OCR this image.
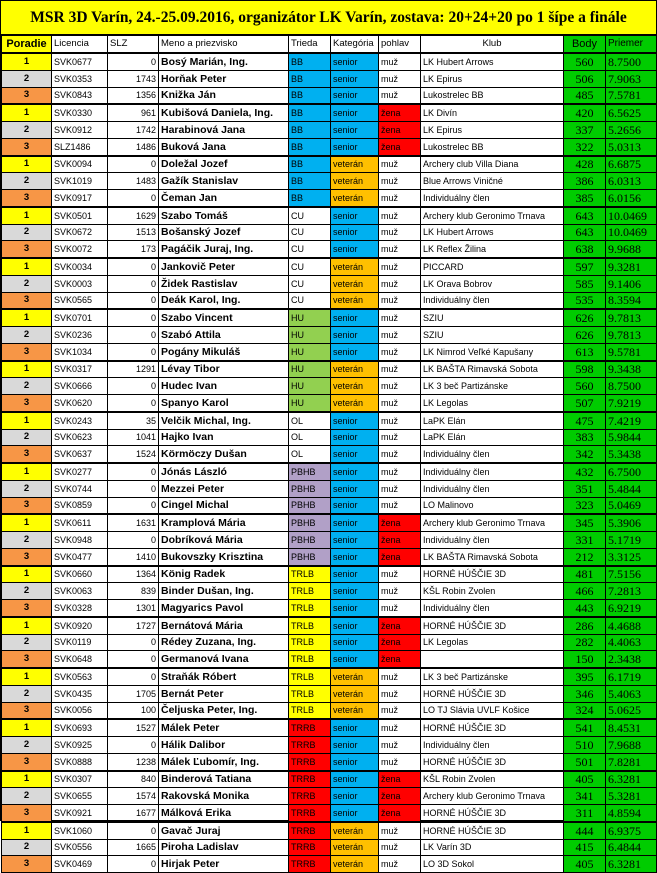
MSR 3D Varín, 24.-25.09.2016, organizátor LK Varín, zostava: 20+24+20 po 1 šípe a finále
Poradie	Licencia	SLZ	Meno a priezvisko	Trieda	Kategória	pohlav	Klub	Body	Priemer
1	SVK0677	0	Bosý Marián, Ing.	BB	senior	muž	LK Hubert Arrows	560	8.7500
2	SVK0353	1743	Horňak Peter	BB	senior	muž	LK Epirus	506	7.9063
3	SVK0843	1356	Knižka Ján	BB	senior	muž	Lukostrelec BB	485	7.5781
1	SVK0330	961	Kubišová Daniela, Ing.	BB	senior	žena	LK Divín	420	6.5625
2	SVK0912	1742	Harabinová Jana	BB	senior	žena	LK Epirus	337	5.2656
3	SLZ1486	1486	Buková Jana	BB	senior	žena	Lukostrelec BB	322	5.0313
1	SVK0094	0	Doležal Jozef	BB	veterán	muž	Archery club Villa Diana	428	6.6875
2	SVK1019	1483	Gažík Stanislav	BB	veterán	muž	Blue Arrows Viničné	386	6.0313
3	SVK0917	0	Čeman Jan	BB	veterán	muž	Individuálny člen	385	6.0156
1	SVK0501	1629	Szabo Tomáš	CU	senior	muž	Archery klub Geronimo Trnava	643	10.0469
2	SVK0672	1513	Bošanský Jozef	CU	senior	muž	LK Hubert Arrows	643	10.0469
3	SVK0072	173	Pagáčik Juraj, Ing.	CU	senior	muž	LK Reflex Žilina	638	9.9688
1	SVK0034	0	Jankovič Peter	CU	veterán	muž	PICCARD	597	9.3281
2	SVK0003	0	Židek Rastislav	CU	veterán	muž	LK Orava Bobrov	585	9.1406
3	SVK0565	0	Deák Karol, Ing.	CU	veterán	muž	Individuálny člen	535	8.3594
1	SVK0701	0	Szabo Vincent	HU	senior	muž	SZIU	626	9.7813
2	SVK0236	0	Szabó Attila	HU	senior	muž	SZIU	626	9.7813
3	SVK1034	0	Pogány Mikuláš	HU	senior	muž	LK Nimrod Veľké Kapušany	613	9.5781
1	SVK0317	1291	Lévay Tibor	HU	veterán	muž	LK BAŠTA Rimavská Sobota	598	9.3438
2	SVK0666	0	Hudec Ivan	HU	veterán	muž	LK 3 beč Partizánske	560	8.7500
3	SVK0620	0	Spanyo Karol	HU	veterán	muž	LK Legolas	507	7.9219
1	SVK0243	35	Velčik Michal, Ing.	OL	senior	muž	LaPK Elán	475	7.4219
2	SVK0623	1041	Hajko Ivan	OL	senior	muž	LaPK Elán	383	5.9844
3	SVK0637	1524	Körmöczy Dušan	OL	senior	muž	Individuálny člen	342	5.3438
1	SVK0277	0	Jónás László	PBHB	senior	muž	Individuálny člen	432	6.7500
2	SVK0744	0	Mezzei Peter	PBHB	senior	muž	Individuálny člen	351	5.4844
3	SVK0859	0	Cingel Michal	PBHB	senior	muž	LO Malinovo	323	5.0469
1	SVK0611	1631	Kramplová Mária	PBHB	senior	žena	Archery klub Geronimo Trnava	345	5.3906
2	SVK0948	0	Dobríková Mária	PBHB	senior	žena	Individuálny člen	331	5.1719
3	SVK0477	1410	Bukovszky Krisztina	PBHB	senior	žena	LK BAŠTA Rimavská Sobota	212	3.3125
1	SVK0660	1364	König Radek	TRLB	senior	muž	HORNÉ HÚŠČIE 3D	481	7.5156
2	SVK0063	839	Binder Dušan, Ing.	TRLB	senior	muž	KŠL Robin Zvolen	466	7.2813
3	SVK0328	1301	Magyarics Pavol	TRLB	senior	muž	Individuálny člen	443	6.9219
1	SVK0920	1727	Bernátová Mária	TRLB	senior	žena	HORNÉ HÚŠČIE 3D	286	4.4688
2	SVK0119	0	Rédey Zuzana, Ing.	TRLB	senior	žena	LK Legolas	282	4.4063
3	SVK0648	0	Germanová Ivana	TRLB	senior	žena		150	2.3438
1	SVK0563	0	Straňák Róbert	TRLB	veterán	muž	LK 3 beč Partizánske	395	6.1719
2	SVK0435	1705	Bernát Peter	TRLB	veterán	muž	HORNÉ HÚŠČIE 3D	346	5.4063
3	SVK0056	100	Čeljuska Peter, Ing.	TRLB	veterán	muž	LO TJ Slávia UVLF Košice	324	5.0625
1	SVK0693	1527	Málek Peter	TRRB	senior	muž	HORNÉ HÚŠČIE 3D	541	8.4531
2	SVK0925	0	Hálik Dalibor	TRRB	senior	muž	Individuálny člen	510	7.9688
3	SVK0888	1238	Málek Ľubomír, Ing.	TRRB	senior	muž	HORNÉ HÚŠČIE 3D	501	7.8281
1	SVK0307	840	Binderová Tatiana	TRRB	senior	žena	KŠL Robin Zvolen	405	6.3281
2	SVK0655	1574	Rakovská Monika	TRRB	senior	žena	Archery klub Geronimo Trnava	341	5.3281
3	SVK0921	1677	Málková Erika	TRRB	senior	žena	HORNÉ HÚŠČIE 3D	311	4.8594
1	SVK1060	0	Gavač Juraj	TRRB	veterán	muž	HORNÉ HÚŠČIE 3D	444	6.9375
2	SVK0556	1665	Piroha Ladislav	TRRB	veterán	muž	LK Varín 3D	415	6.4844
3	SVK0469	0	Hirjak Peter	TRRB	veterán	muž	LO 3D Sokol	405	6.3281
